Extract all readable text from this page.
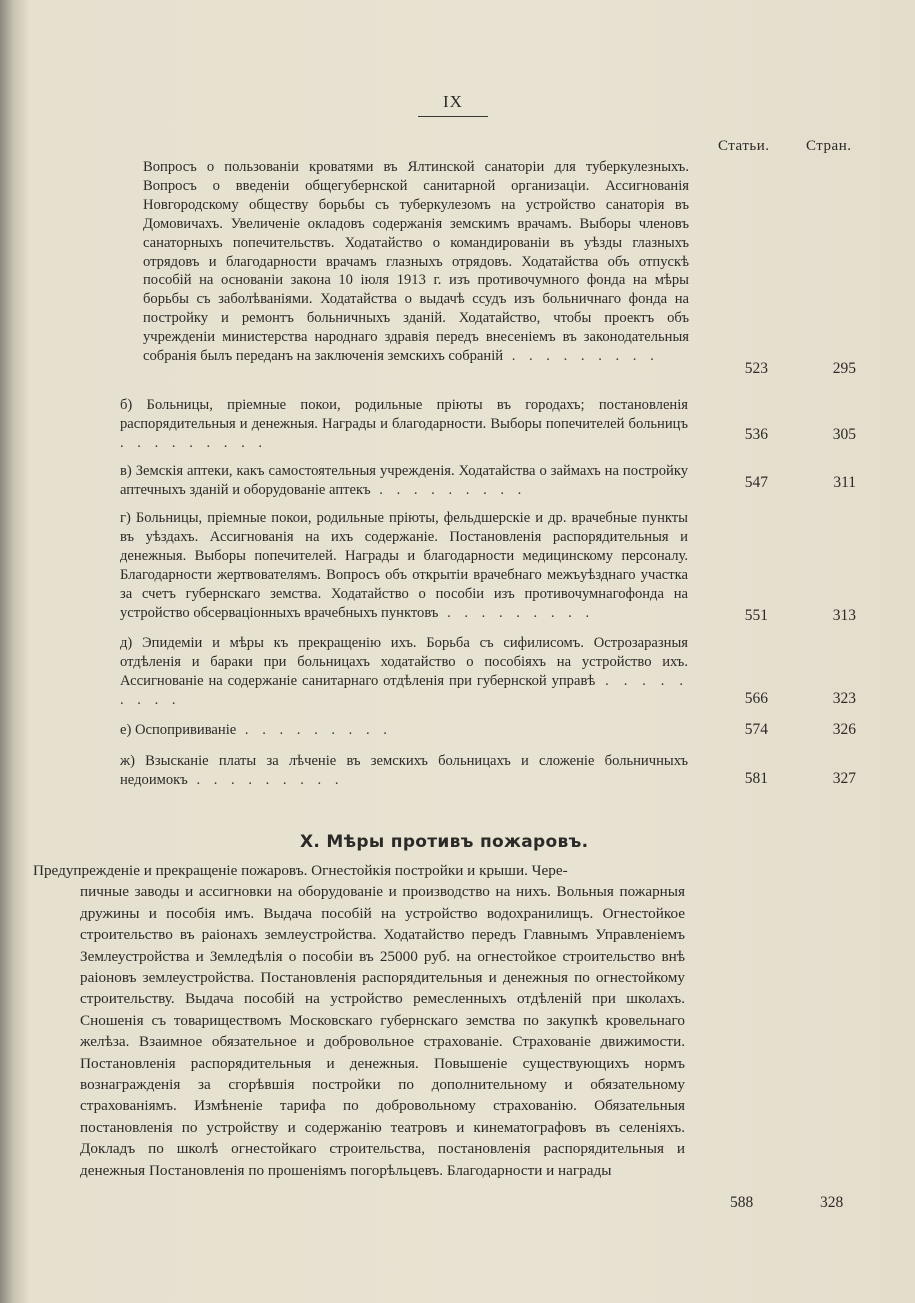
IX
Статьи. Стран.
Вопросъ о пользованіи кроватями въ Ялтинской санаторіи для туберкулезныхъ. Вопросъ о введеніи общегубернской санитарной организаціи. Ассигнованія Новгородскому обществу борьбы съ туберкулезомъ на устройство санаторія въ Домовичахъ. Увеличеніе окладовъ содержанія земскимъ врачамъ. Выборы членовъ санаторныхъ попечительствъ. Ходатайство о командированіи въ уѣзды глазныхъ отрядовъ и благодарности врачамъ глазныхъ отрядовъ. Ходатайства объ отпускѣ пособій на основаніи закона 10 іюля 1913 г. изъ противочумного фонда на мѣры борьбы съ заболѣваніями. Ходатайства о выдачѣ ссудъ изъ больничнаго фонда на постройку и ремонтъ больничныхъ зданій. Ходатайство, чтобы проектъ объ учрежденіи министерства народнаго здравія передъ внесеніемъ въ законодательныя собранія былъ переданъ на заключенія земскихъ собраній . . . . . . . . .
523	295
б) Больницы, пріемные покои, родильные пріюты въ городахъ; постановленія распорядительныя и денежныя. Награды и благодарности. Выборы попечителей больницъ . . . . . . . . .	536	305
в) Земскія аптеки, какъ самостоятельныя учрежденія. Ходатайства о займахъ на постройку аптечныхъ зданій и оборудованіе аптекъ . . . . . . . . .	547	311
г) Больницы, пріемные покои, родильные пріюты, фельдшерскіе и др. врачебные пункты въ уѣздахъ. Ассигнованія на ихъ содержаніе. Постановленія распорядительныя и денежныя. Выборы попечителей. Награды и благодарности медицинскому персоналу. Благодарности жертвователямъ. Вопросъ объ открытіи врачебнаго межъуѣзднаго участка за счетъ губернскаго земства. Ходатайство о пособіи изъ противочумнагофонда на устройство обсерваціонныхъ врачебныхъ пунктовъ . . . . . . . . .	551	313
д) Эпидеміи и мѣры къ прекращенію ихъ. Борьба съ сифилисомъ. Острозаразныя отдѣленія и бараки при больницахъ ходатайство о пособіяхъ на устройство ихъ. Ассигнованіе на содержаніе санитарнаго отдѣленія при губернской управѣ . . . . . . . . .	566	323
е) Оспопрививаніе . . . . . . . . .	574	326
ж) Взысканіе платы за лѣченіе въ земскихъ больницахъ и сложеніе больничныхъ недоимокъ . . . . . . . . .	581	327
X. Мѣры противъ пожаровъ.
Предупрежденіе и прекращеніе пожаровъ. Огнестойкія постройки и крыши. Чере-
пичные заводы и ассигновки на оборудованіе и производство на нихъ. Вольныя пожарныя дружины и пособія имъ. Выдача пособій на устройство водохранилищъ. Огнестойкое строительство въ раіонахъ землеустройства. Ходатайство передъ Главнымъ Управленіемъ Землеустройства и Земледѣлія о пособіи въ 25000 руб. на огнестойкое строительство внѣ раіоновъ землеустройства. Постановленія распорядительныя и денежныя по огнестойкому строительству. Выдача пособій на устройство ремесленныхъ отдѣленій при школахъ. Сношенія съ товариществомъ Московскаго губернскаго земства по закупкѣ кровельнаго желѣза. Взаимное обязательное и добровольное страхованіе. Страхованіе движимости. Постановленія распорядительныя и денежныя. Повышеніе существующихъ нормъ вознагражденія за сгорѣвшія постройки по дополнительному и обязательному страхованіямъ. Измѣненіе тарифа по добровольному страхованію. Обязательныя постановленія по устройству и содержанію театровъ и кинематографовъ въ селеніяхъ. Докладъ по школѣ огнестойкаго строительства, постановленія распорядительныя и денежныя Постановленія по прошеніямъ погорѣльцевъ. Благодарности и награды
588	328
